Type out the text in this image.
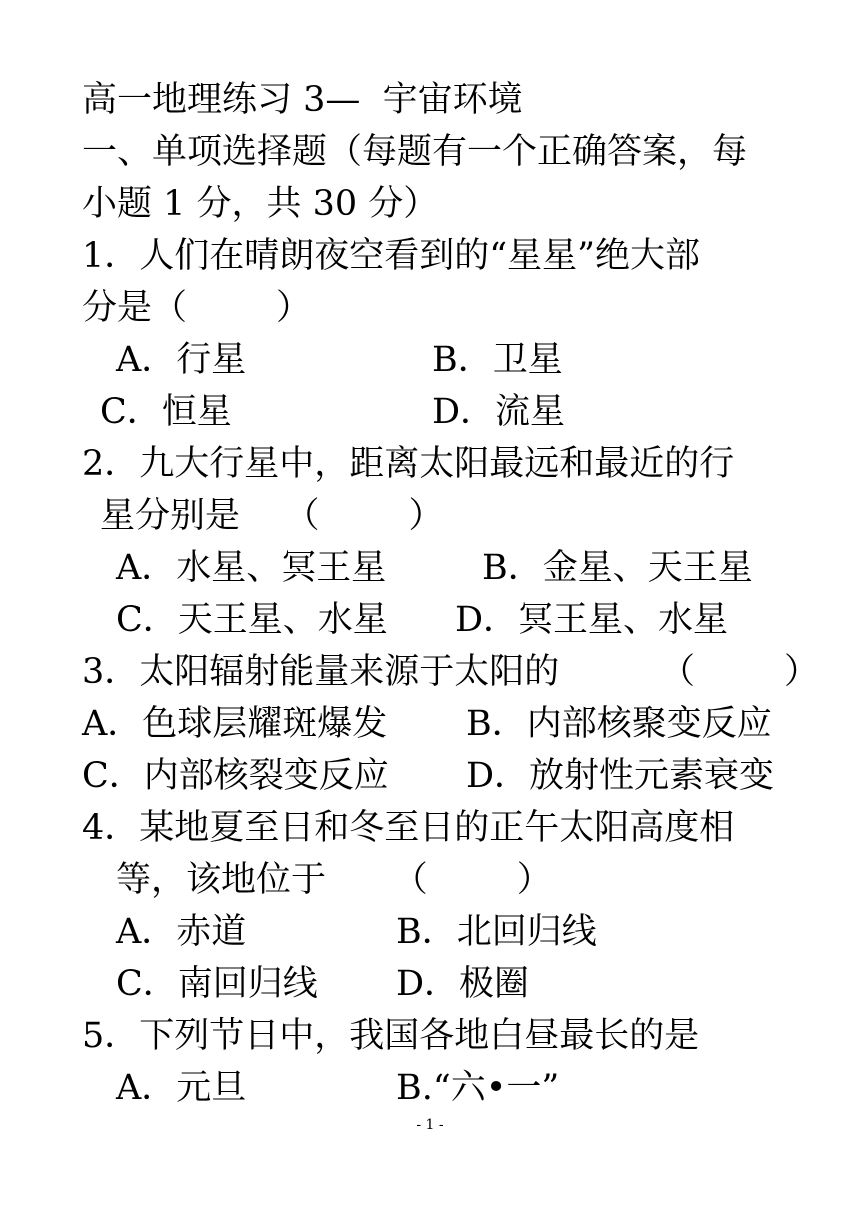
高一地理练习 3—  宇宙环境
一、单项选择题（每题有一个正确答案，每
小题 1 分，共 30 分）
1．人们在晴朗夜空看到的“星星”绝大部
分是（        ）
A．行星	B．卫星
C．恒星	D．流星
2．九大行星中，距离太阳最远和最近的行
星分别是    （        ）
A．水星、冥王星	B．金星、天王星
C．天王星、水星 D．冥王星、水星
3．太阳辐射能量来源于太阳的	（        ）
A．色球层耀斑爆发 B．内部核聚变反应
C．内部核裂变反应 D．放射性元素衰变
4．某地夏至日和冬至日的正午太阳高度相
等，该地位于      （        ）
A．赤道	B．北回归线
C．南回归线 D．极圈
5．下列节日中，我国各地白昼最长的是
A．元旦	B.“六•一”
- 1 -
